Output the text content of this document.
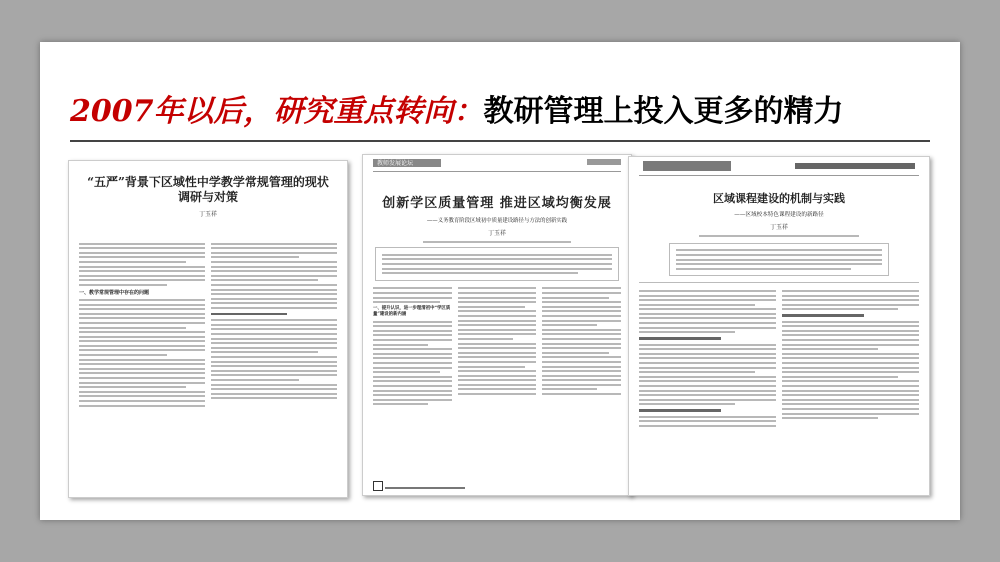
2007年以后，研究重点转向： 教研管理上投入更多的精力
“五严”背景下区域性中学教学常规管理的现状调研与对策
丁玉祥
一、教学常规管理中存在的问题
教师发展论坛
创新学区质量管理 推进区域均衡发展
——义务教育阶段区域初中质量建设路径与方法的创新实践
丁玉祥
一、提升认识，进一步理清初中“学区质量”建设的新内涵
区域课程建设的机制与实践
——区域校本特色课程建设的新路径
丁玉祥
